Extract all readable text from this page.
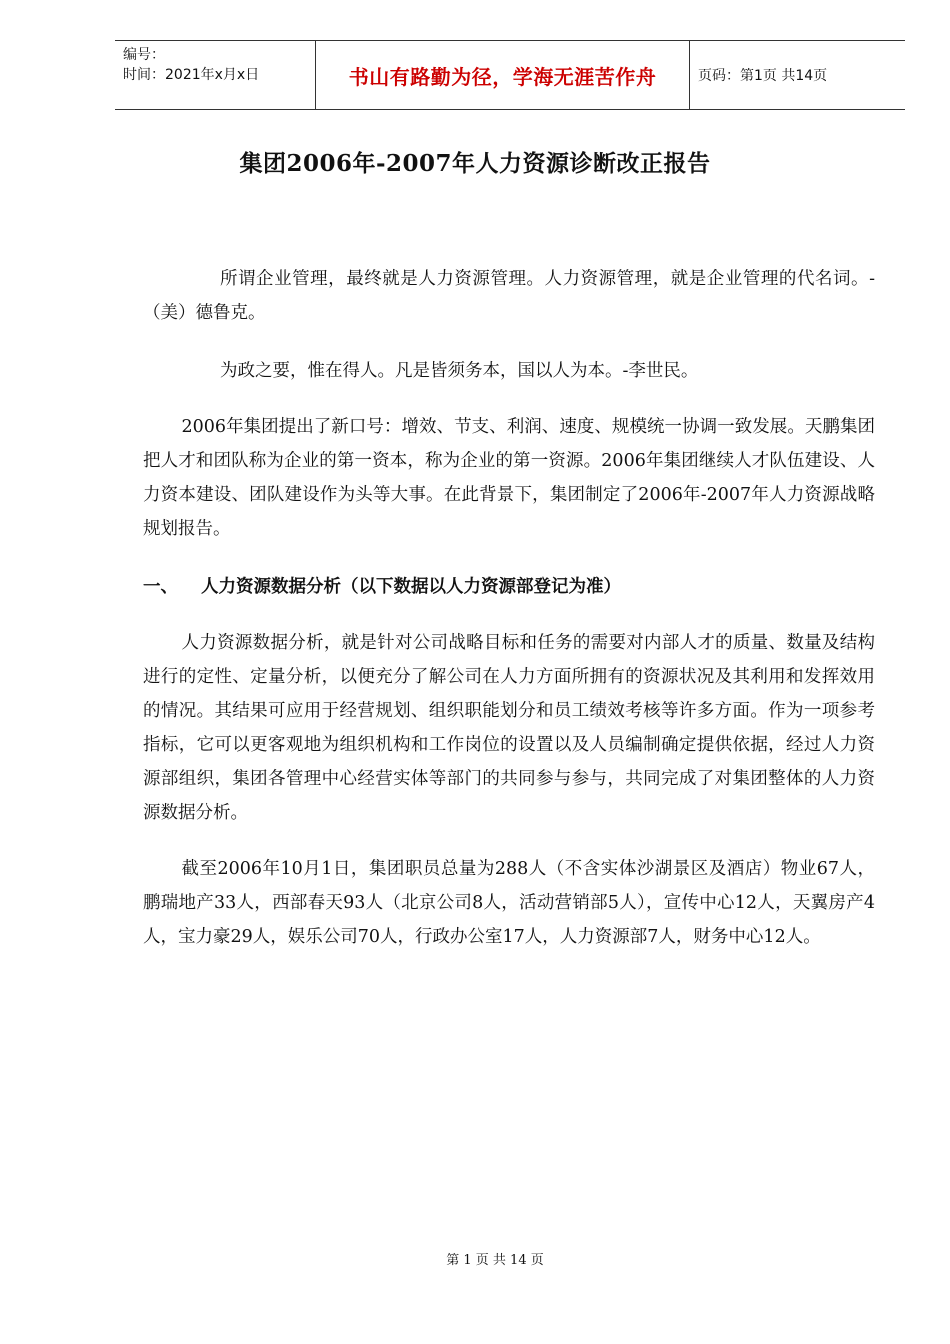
编号：
时间：2021年x月x日	书山有路勤为径，学海无涯苦作舟	页码：第1页 共14页
集团2006年-2007年人力资源诊断改正报告

所谓企业管理，最终就是人力资源管理。人力资源管理，就是企业管理的代名词。-（美）德鲁克。

为政之要，惟在得人。凡是皆须务本，国以人为本。-李世民。

2006年集团提出了新口号：增效、节支、利润、速度、规模统一协调一致发展。天鹏集团把人才和团队称为企业的第一资本，称为企业的第一资源。2006年集团继续人才队伍建设、人力资本建设、团队建设作为头等大事。在此背景下，集团制定了2006年-2007年人力资源战略规划报告。

一、	人力资源数据分析（以下数据以人力资源部登记为准）

人力资源数据分析，就是针对公司战略目标和任务的需要对内部人才的质量、数量及结构进行的定性、定量分析，以便充分了解公司在人力方面所拥有的资源状况及其利用和发挥效用的情况。其结果可应用于经营规划、组织职能划分和员工绩效考核等许多方面。作为一项参考指标，它可以更客观地为组织机构和工作岗位的设置以及人员编制确定提供依据，经过人力资源部组织，集团各管理中心经营实体等部门的共同参与参与，共同完成了对集团整体的人力资源数据分析。

截至2006年10月1日，集团职员总量为288人（不含实体沙湖景区及酒店）物业67人，鹏瑞地产33人，西部春天93人（北京公司8人，活动营销部5人），宣传中心12人，天翼房产4人，宝力豪29人，娱乐公司70人，行政办公室17人，人力资源部7人，财务中心12人。

第 1 页 共 14 页
